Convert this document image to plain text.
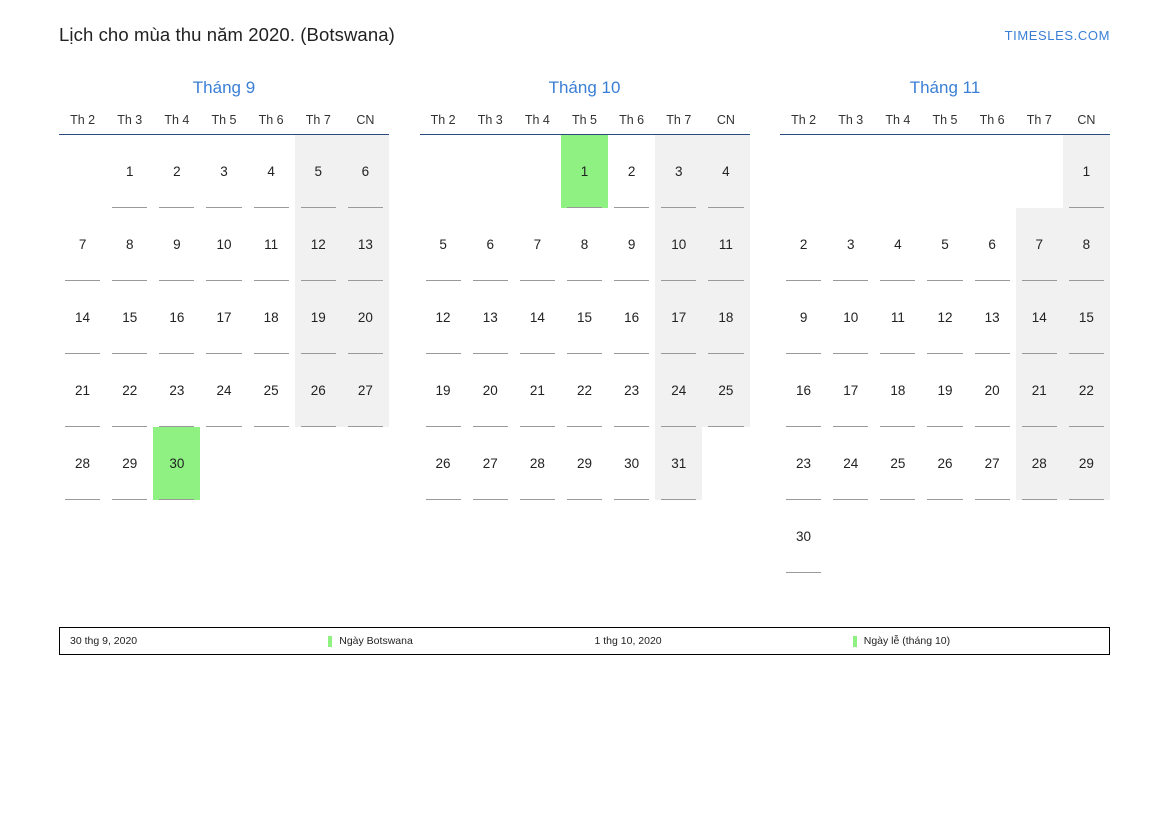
Lịch cho mùa thu năm 2020. (Botswana)	TIMESLES.COM
Tháng 9
Th 2	Th 3	Th 4	Th 5	Th 6	Th 7	CN

	1	2	3	4	5	6

7	8	9	10	11	12	13

14	15	16	17	18	19	20

21	22	23	24	25	26	27

28	29	30				

Tháng 10
Th 2	Th 3	Th 4	Th 5	Th 6	Th 7	CN

			1	2	3	4

5	6	7	8	9	10	11

12	13	14	15	16	17	18

19	20	21	22	23	24	25

26	27	28	29	30	31	

Tháng 11
Th 2	Th 3	Th 4	Th 5	Th 6	Th 7	CN

						1

2	3	4	5	6	7	8

9	10	11	12	13	14	15

16	17	18	19	20	21	22

23	24	25	26	27	28	29

30						

30 thg 9, 2020	Ngày Botswana	1 thg 10, 2020	Ngày lễ (tháng 10)
